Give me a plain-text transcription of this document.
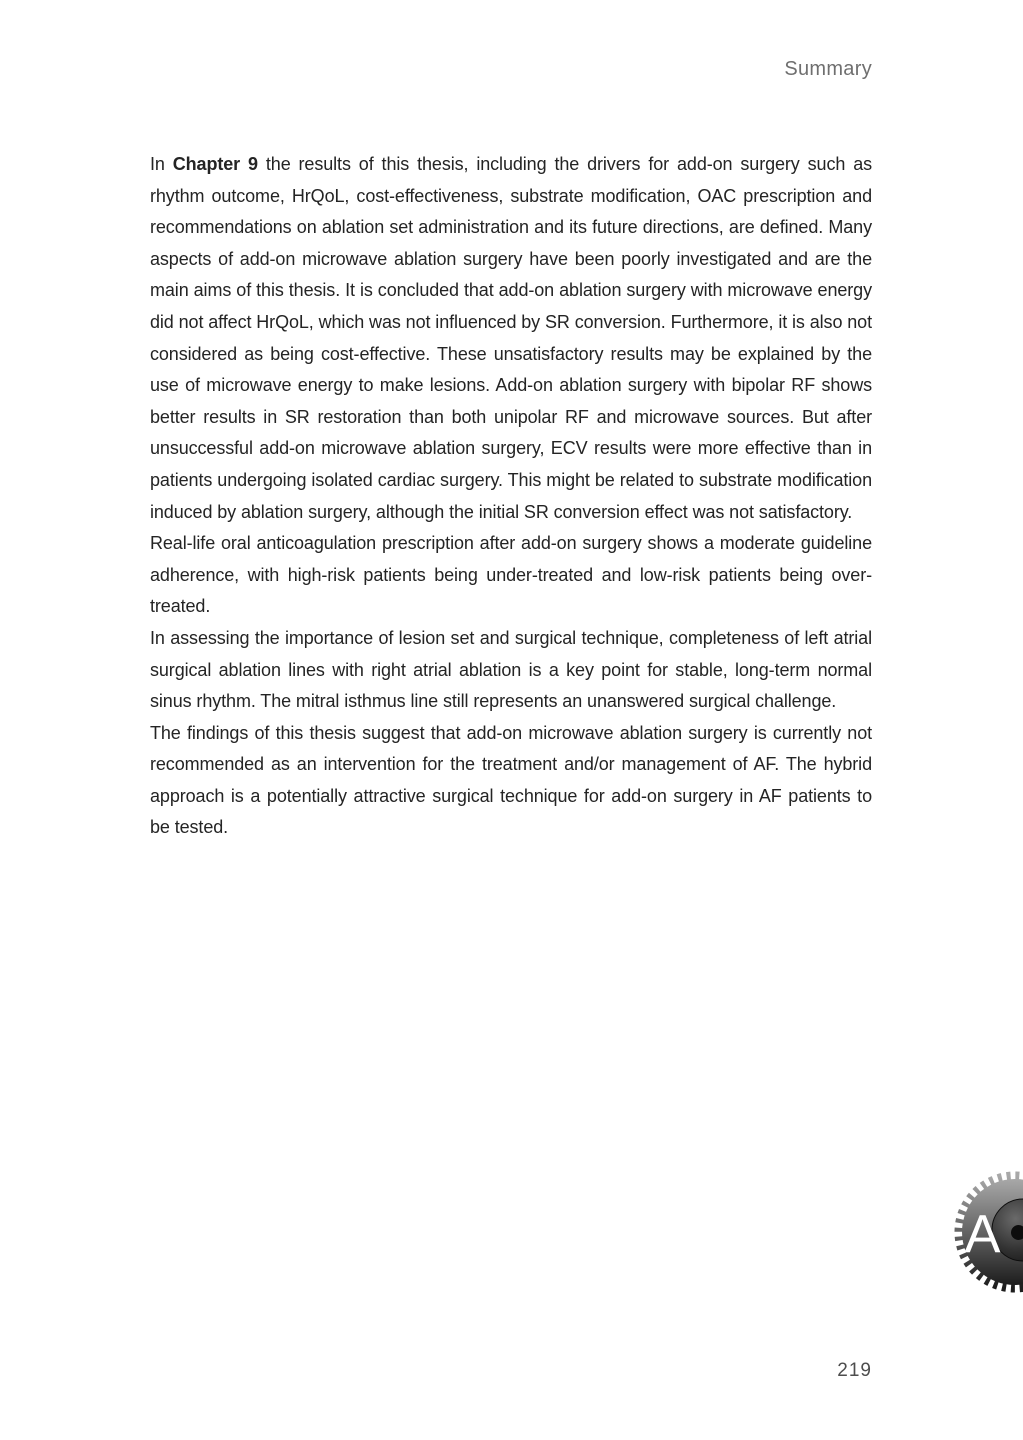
Summary

In Chapter 9 the results of this thesis, including the drivers for add-on surgery such as rhythm outcome, HrQoL, cost-effectiveness, substrate modification, OAC prescription and recommendations on ablation set administration and its future directions, are defined. Many aspects of add-on microwave ablation surgery have been poorly investigated and are the main aims of this thesis. It is concluded that add-on ablation surgery with microwave energy did not affect HrQoL, which was not influenced by SR conversion. Furthermore, it is also not considered as being cost-effective. These unsatisfactory results may be explained by the use of microwave energy to make lesions. Add-on ablation surgery with bipolar RF shows better results in SR restoration than both unipolar RF and microwave sources. But after unsuccessful add-on microwave ablation surgery, ECV results were more effective than in patients undergoing isolated cardiac surgery. This might be related to substrate modification induced by ablation surgery, although the initial SR conversion effect was not satisfactory.

Real-life oral anticoagulation prescription after add-on surgery shows a moderate guideline adherence, with high-risk patients being under-treated and low-risk patients being over-treated.

In assessing the importance of lesion set and surgical technique, completeness of left atrial surgical ablation lines with right atrial ablation is a key point for stable, long-term normal sinus rhythm. The mitral isthmus line still represents an unanswered surgical challenge.

The findings of this thesis suggest that add-on microwave ablation surgery is currently not recommended as an intervention for the treatment and/or management of AF. The hybrid approach is a potentially attractive surgical technique for add-on surgery in AF patients to be tested.

A
219
